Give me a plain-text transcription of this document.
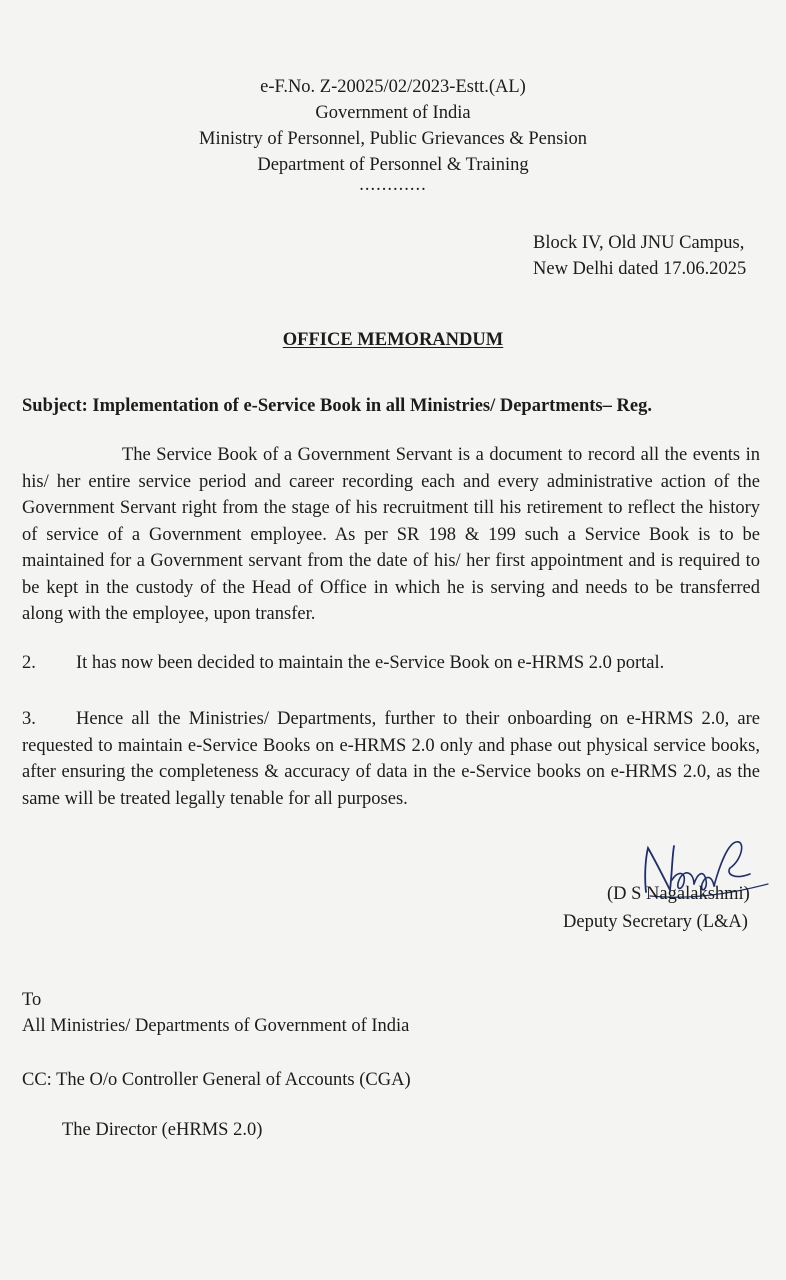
e-F.No. Z-20025/02/2023-Estt.(AL)
Government of India
Ministry of Personnel, Public Grievances & Pension
Department of Personnel & Training
............
Block IV, Old JNU Campus,
New Delhi dated 17.06.2025
OFFICE MEMORANDUM
Subject: Implementation of e-Service Book in all Ministries/ Departments– Reg.
The Service Book of a Government Servant is a document to record all the events in his/ her entire service period and career recording each and every administrative action of the Government Servant right from the stage of his recruitment till his retirement to reflect the history of service of a Government employee. As per SR 198 & 199 such a Service Book is to be maintained for a Government servant from the date of his/ her first appointment and is required to be kept in the custody of the Head of Office in which he is serving and needs to be transferred along with the employee, upon transfer.
2. It has now been decided to maintain the e-Service Book on e-HRMS 2.0 portal.
3. Hence all the Ministries/ Departments, further to their onboarding on e-HRMS 2.0, are requested to maintain e-Service Books on e-HRMS 2.0 only and phase out physical service books, after ensuring the completeness & accuracy of data in the e-Service books on e-HRMS 2.0, as the same will be treated legally tenable for all purposes.
(D S Nagalakshmi)
Deputy Secretary (L&A)
To
All Ministries/ Departments of Government of India
CC: The O/o Controller General of Accounts (CGA)
The Director (eHRMS 2.0)
